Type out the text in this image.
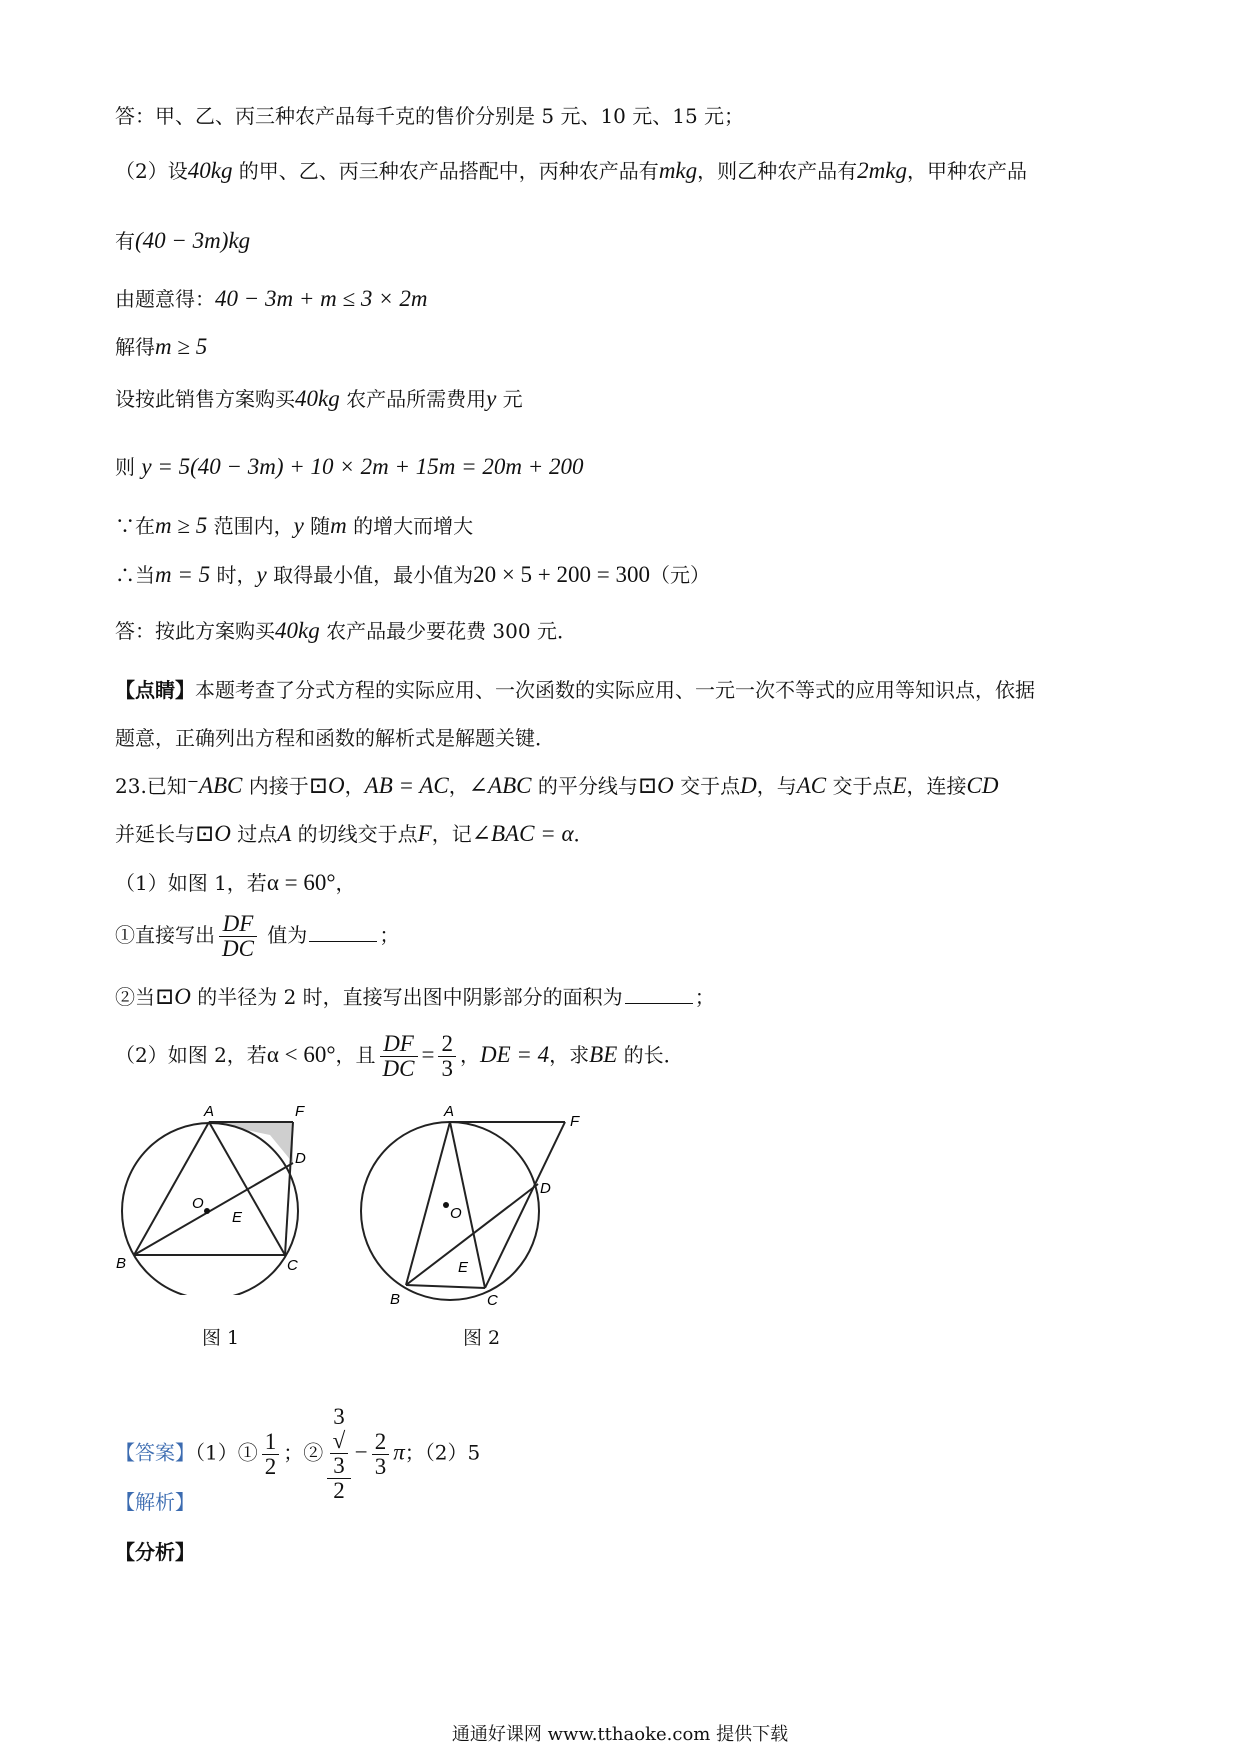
答：甲、乙、丙三种农产品每千克的售价分别是 5 元、10 元、15 元；
（2）设40kg 的甲、乙、丙三种农产品搭配中，丙种农产品有mkg，则乙种农产品有2mkg，甲种农产品
有(40 − 3m)kg
由题意得：40 − 3m + m ≤ 3 × 2m
解得m ≥ 5
设按此销售方案购买40kg 农产品所需费用y 元
则 y = 5(40 − 3m) + 10 × 2m + 15m = 20m + 200
∵在m ≥ 5 范围内，y 随m 的增大而增大
∴当m = 5 时，y 取得最小值，最小值为20 × 5 + 200 = 300（元）
答：按此方案购买40kg 农产品最少要花费 300 元．
【点睛】本题考查了分式方程的实际应用、一次函数的实际应用、一元一次不等式的应用等知识点，依据
题意，正确列出方程和函数的解析式是解题关键．
23.已知⁻ABC 内接于⊡O，AB = AC，∠ABC 的平分线与⊡O 交于点D，与AC 交于点E，连接CD
并延长与⊡O 过点A 的切线交于点F，记∠BAC = α．
（1）如图 1，若α = 60°，
①直接写出 $\frac{DF}{DC}$ 值为	；
②当⊡O 的半径为 2 时，直接写出图中阴影部分的面积为	；
（2）如图 2，若α < 60°，且 $\frac{DF}{DC} = \frac{2}{3}$ ，DE = 4，求BE 的长．
A	F
D
O
E
B	C
图 1
A
F
D
O
E
B	C
图 2
【答案】（1）① $\frac{1}{2}$ ；② 3
√
3
$2 - \frac{2}{3}$ π；（2）5
【解析】
【分析】
通通好课网 www.tthaoke.com 提供下载
